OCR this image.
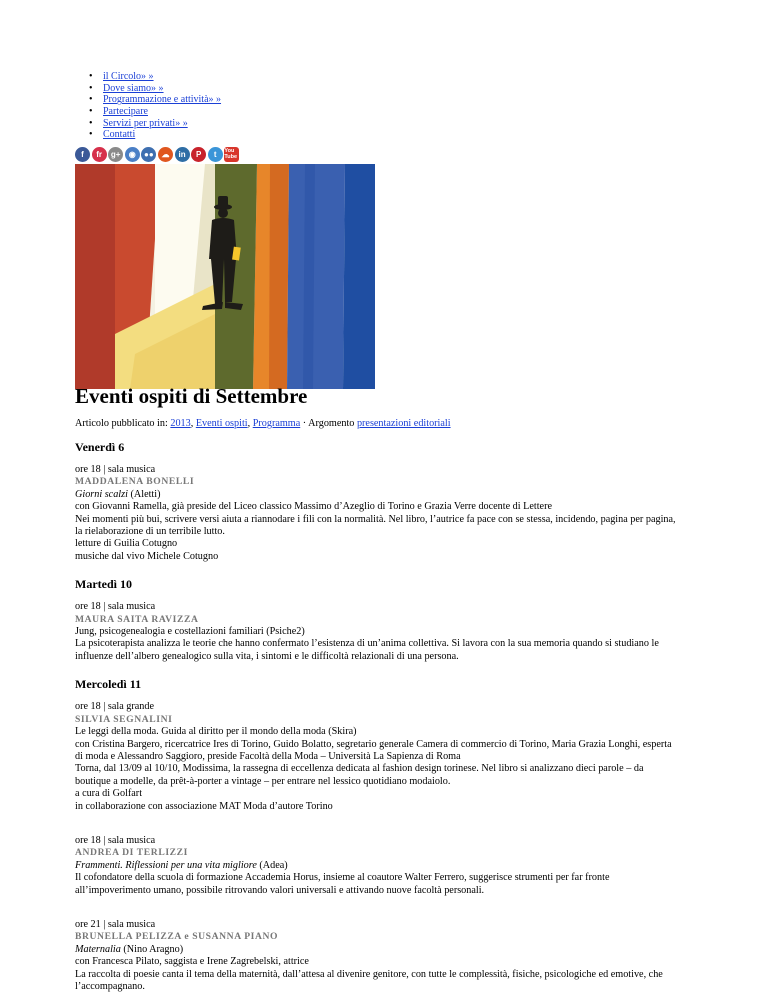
• il Circolo» »
• Dove siamo» »
• Programmazione e attività» »
• Partecipare
• Servizi per privati» »
• Contatti
f	fr	g+	◉	●● ☁	in	P	t	You Tube
Eventi ospiti di Settembre
Articolo pubblicato in: 2013, Eventi ospiti, Programma · Argomento presentazioni editoriali
Venerdì 6
ore 18 | sala musica
MADDALENA BONELLI
Giorni scalzi (Aletti)
con Giovanni Ramella, già preside del Liceo classico Massimo d’Azeglio di Torino e Grazia Verre docente di Lettere
Nei momenti più bui, scrivere versi aiuta a riannodare i fili con la normalità. Nel libro, l’autrice fa pace con se stessa, incidendo, pagina per pagina,
la rielaborazione di un terribile lutto.
letture di Guilia Cotugno
musiche dal vivo Michele Cotugno
Martedì 10
ore 18 | sala musica
MAURA SAITA RAVIZZA
Jung, psicogenealogia e costellazioni familiari (Psiche2)
La psicoterapista analizza le teorie che hanno confermato l’esistenza di un’anima collettiva. Si lavora con la sua memoria quando si studiano le
influenze dell’albero genealogico sulla vita, i sintomi e le difficoltà relazionali di una persona.
Mercoledì 11
ore 18 | sala grande
SILVIA SEGNALINI
Le leggi della moda. Guida al diritto per il mondo della moda (Skira)
con Cristina Bargero, ricercatrice Ires di Torino, Guido Bolatto, segretario generale Camera di commercio di Torino, Maria Grazia Longhi, esperta
di moda e Alessandro Saggioro, preside Facoltà della Moda – Università La Sapienza di Roma
Torna, dal 13/09 al 10/10, Modissima, la rassegna di eccellenza dedicata al fashion design torinese. Nel libro si analizzano dieci parole – da
boutique a modelle, da prêt-à-porter a vintage – per entrare nel lessico quotidiano modaiolo.
a cura di Golfart
in collaborazione con associazione MAT Moda d’autore Torino
ore 18 | sala musica
ANDREA DI TERLIZZI
Frammenti. Riflessioni per una vita migliore (Adea)
Il cofondatore della scuola di formazione Accademia Horus, insieme al coautore Walter Ferrero, suggerisce strumenti per far fronte
all’impoverimento umano, possibile ritrovando valori universali e attivando nuove facoltà personali.
ore 21 | sala musica
BRUNELLA PELIZZA e SUSANNA PIANO
Maternalia (Nino Aragno)
con Francesca Pilato, saggista e Irene Zagrebelski, attrice
La raccolta di poesie canta il tema della maternità, dall’attesa al divenire genitore, con tutte le complessità, fisiche, psicologiche ed emotive, che
l’accompagnano.
